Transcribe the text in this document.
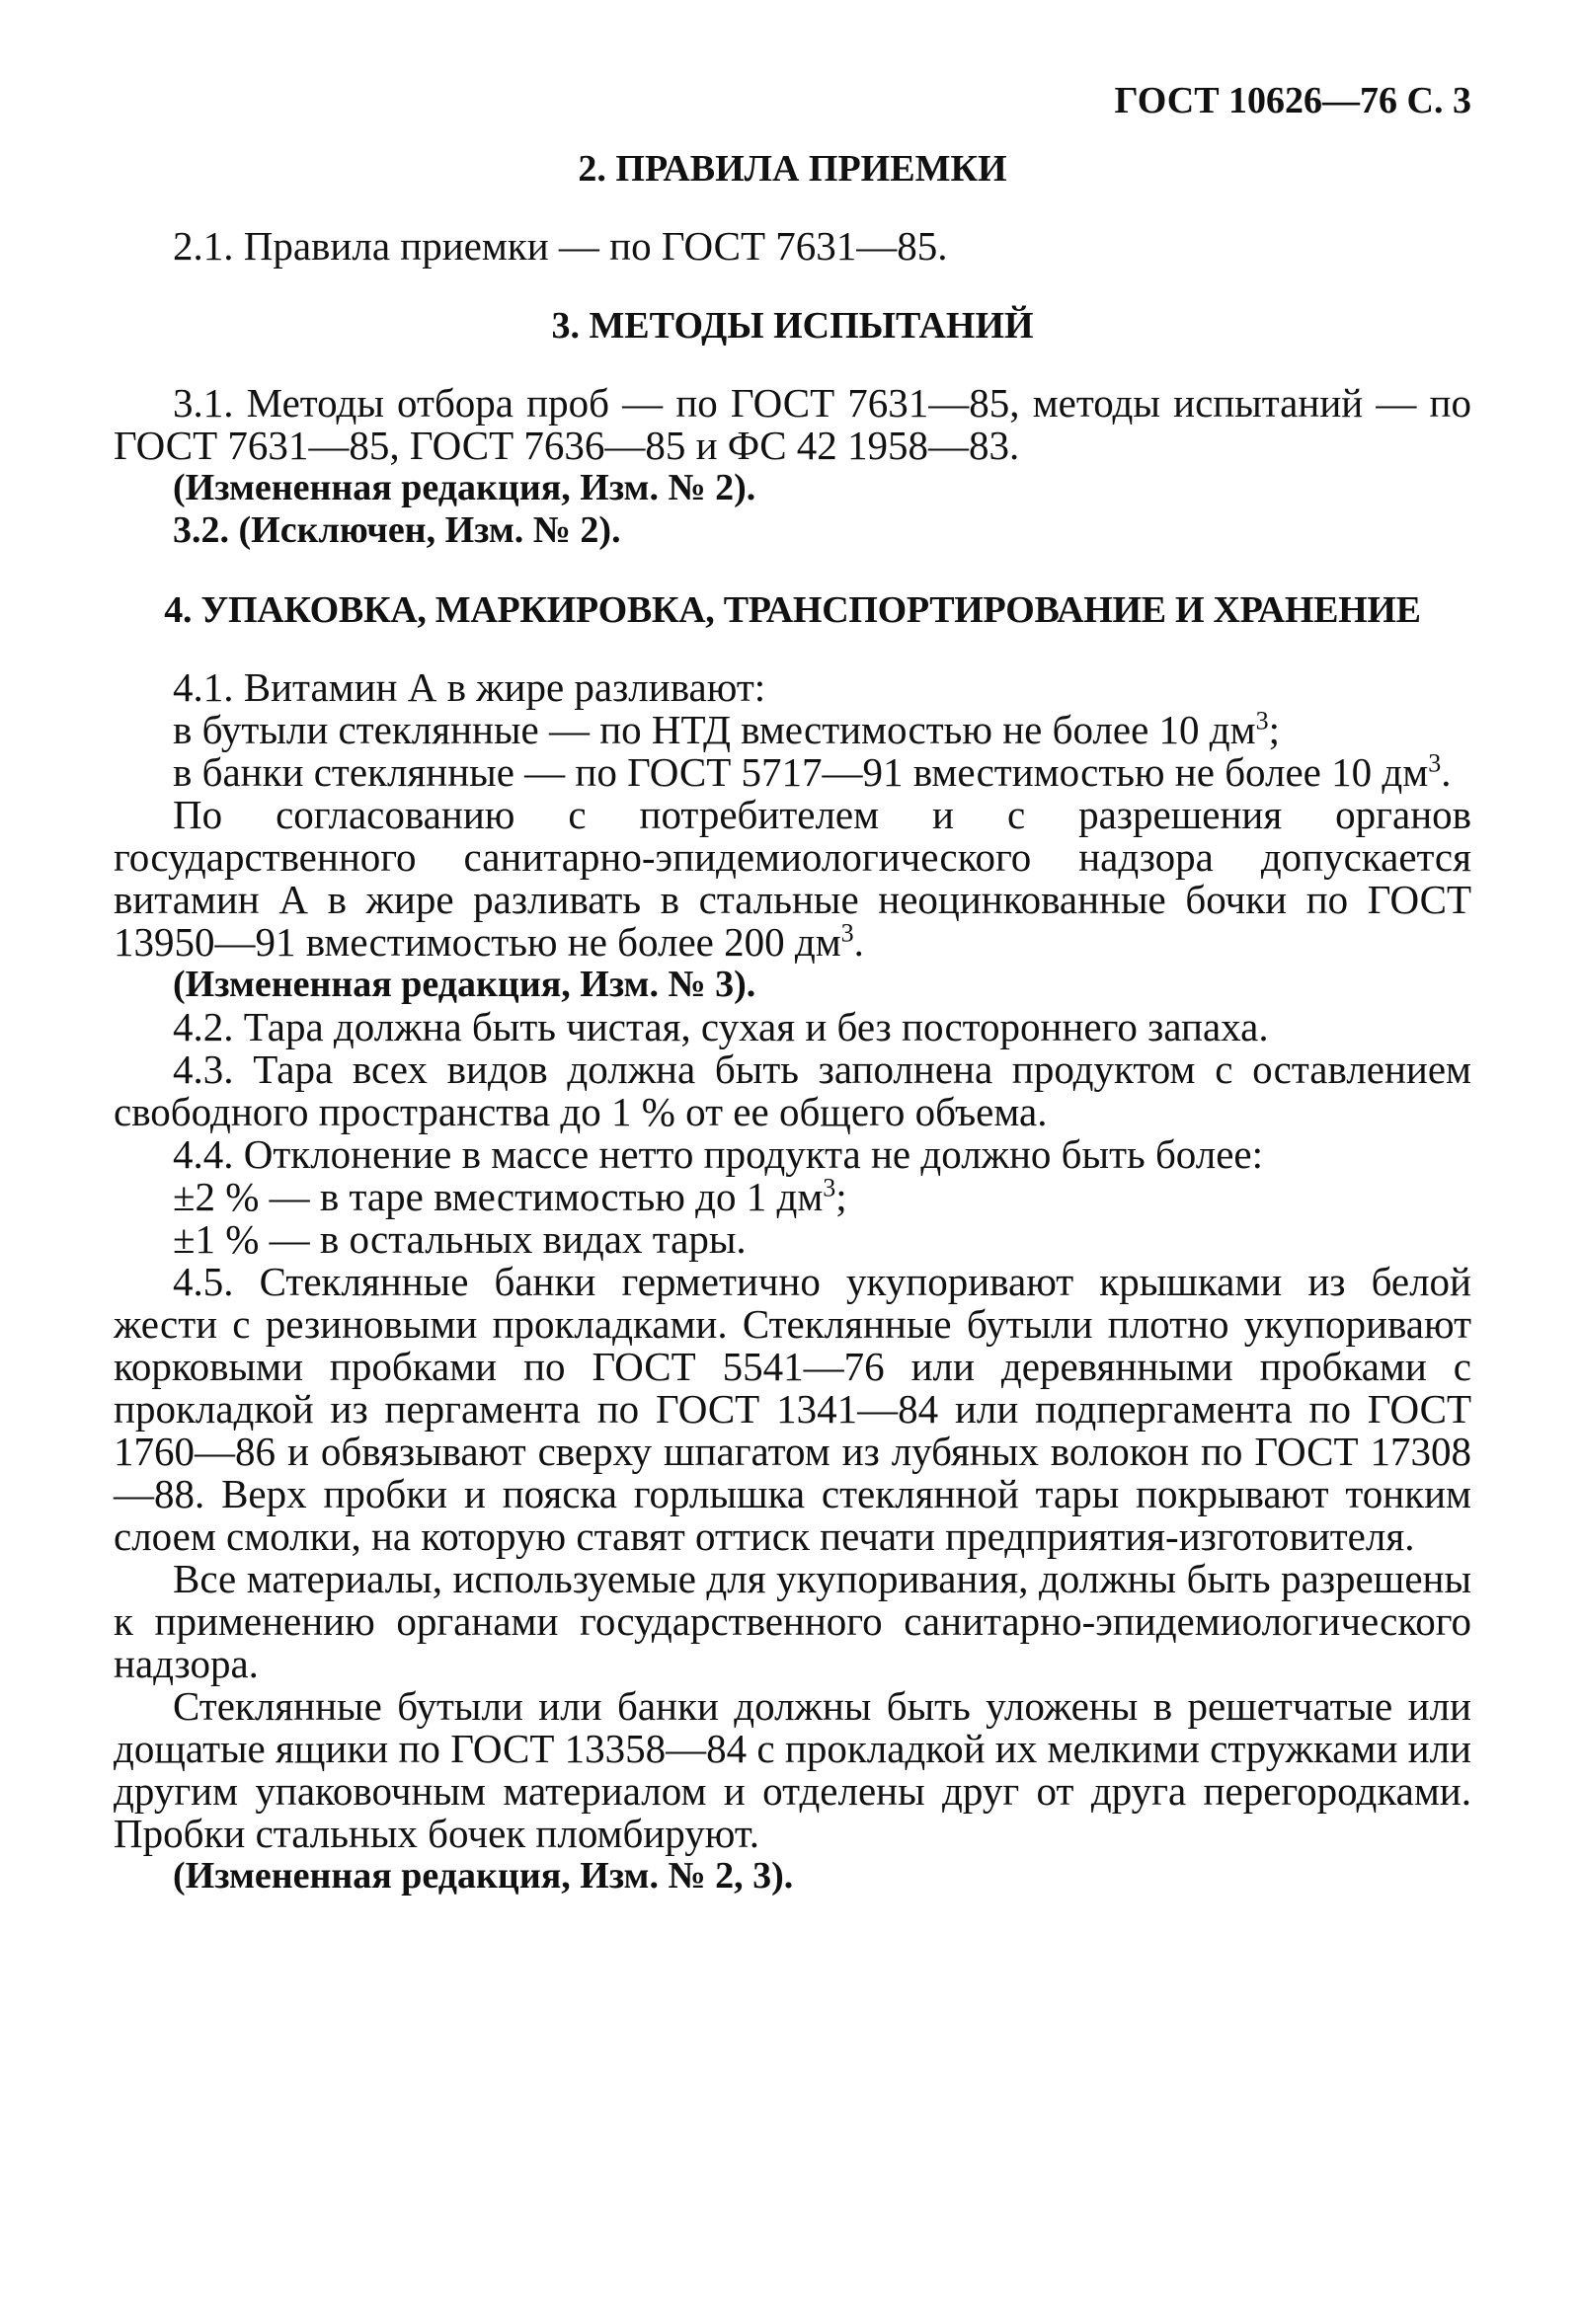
ГОСТ 10626—76 С. 3
2. ПРАВИЛА ПРИЕМКИ

2.1. Правила приемки — по ГОСТ 7631—85.

3. МЕТОДЫ ИСПЫТАНИЙ

3.1. Методы отбора проб — по ГОСТ 7631—85, методы испытаний — по ГОСТ 7631—85, ГОСТ 7636—85 и ФС 42 1958—83.

(Измененная редакция, Изм. № 2).

3.2. (Исключен, Изм. № 2).

4. УПАКОВКА, МАРКИРОВКА, ТРАНСПОРТИРОВАНИЕ И ХРАНЕНИЕ

4.1. Витамин А в жире разливают:

в бутыли стеклянные — по НТД вместимостью не более 10 $дм^3$;

в банки стеклянные — по ГОСТ 5717—91 вместимостью не более 10 $дм^3$.

По согласованию с потребителем и с разрешения органов государственного санитарно-эпидемиологического надзора допускается витамин А в жире разливать в стальные неоцинкованные бочки по ГОСТ 13950—91 вместимостью не более 200 $дм^3$.

(Измененная редакция, Изм. № 3).

4.2. Тара должна быть чистая, сухая и без постороннего запаха.

4.3. Тара всех видов должна быть заполнена продуктом с оставлением свободного пространства до 1 % от ее общего объема.

4.4. Отклонение в массе нетто продукта не должно быть более:

±2 % — в таре вместимостью до 1 $дм^3$;

±1 % — в остальных видах тары.

4.5. Стеклянные банки герметично укупоривают крышками из белой жести с резиновыми прокладками. Стеклянные бутыли плотно укупоривают корковыми пробками по ГОСТ 5541—76 или деревянными пробками с прокладкой из пергамента по ГОСТ 1341—84 или подпергамента по ГОСТ 1760—86 и обвязывают сверху шпагатом из лубяных волокон по ГОСТ 17308—88. Верх пробки и пояска горлышка стеклянной тары покрывают тонким слоем смолки, на которую ставят оттиск печати предприятия-изготовителя.

Все материалы, используемые для укупоривания, должны быть разрешены к применению органами государственного санитарно-эпидемиологического надзора.

Стеклянные бутыли или банки должны быть уложены в решетчатые или дощатые ящики по ГОСТ 13358—84 с прокладкой их мелкими стружками или другим упаковочным материалом и отделены друг от друга перегородками. Пробки стальных бочек пломбируют.

(Измененная редакция, Изм. № 2, 3).
